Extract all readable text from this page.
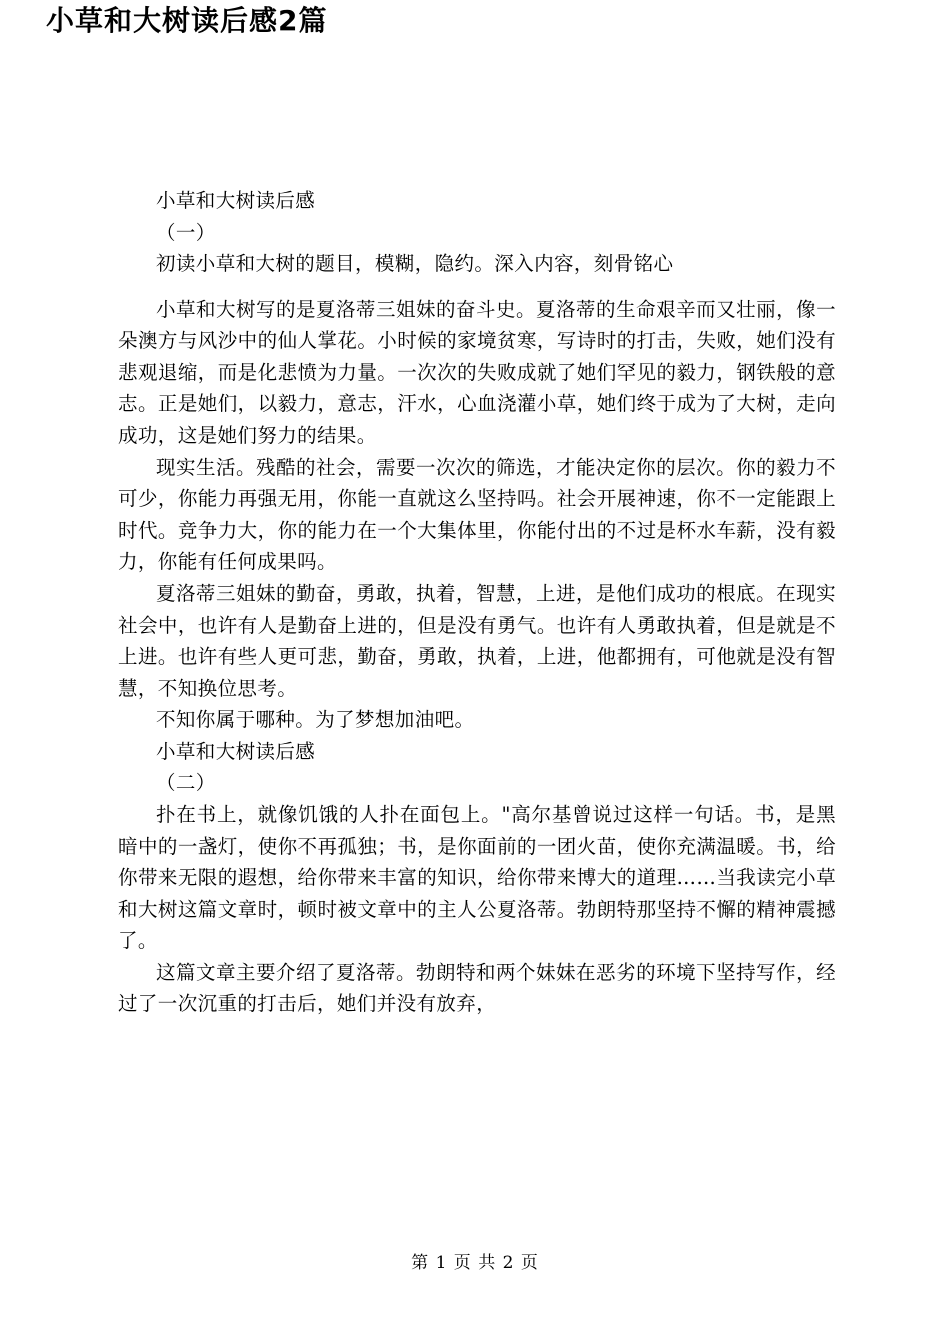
小草和大树读后感2篇

小草和大树读后感

（一）

初读小草和大树的题目，模糊，隐约。深入内容，刻骨铭心

小草和大树写的是夏洛蒂三姐妹的奋斗史。夏洛蒂的生命艰辛而又壮丽，像一朵澳方与风沙中的仙人掌花。小时候的家境贫寒，写诗时的打击，失败，她们没有悲观退缩，而是化悲愤为力量。一次次的失败成就了她们罕见的毅力，钢铁般的意志。正是她们，以毅力，意志，汗水，心血浇灌小草，她们终于成为了大树，走向成功，这是她们努力的结果。

现实生活。残酷的社会，需要一次次的筛选，才能决定你的层次。你的毅力不可少，你能力再强无用，你能一直就这么坚持吗。社会开展神速，你不一定能跟上时代。竞争力大，你的能力在一个大集体里，你能付出的不过是杯水车薪，没有毅力，你能有任何成果吗。

夏洛蒂三姐妹的勤奋，勇敢，执着，智慧，上进，是他们成功的根底。在现实社会中，也许有人是勤奋上进的，但是没有勇气。也许有人勇敢执着，但是就是不上进。也许有些人更可悲，勤奋，勇敢，执着，上进，他都拥有，可他就是没有智慧，不知换位思考。

不知你属于哪种。为了梦想加油吧。

小草和大树读后感

（二）

扑在书上，就像饥饿的人扑在面包上。"高尔基曾说过这样一句话。书，是黑暗中的一盏灯，使你不再孤独；书，是你面前的一团火苗，使你充满温暖。书，给你带来无限的遐想，给你带来丰富的知识，给你带来博大的道理……当我读完小草和大树这篇文章时，顿时被文章中的主人公夏洛蒂。勃朗特那坚持不懈的精神震撼了。

这篇文章主要介绍了夏洛蒂。勃朗特和两个妹妹在恶劣的环境下坚持写作，经过了一次沉重的打击后，她们并没有放弃，

第 1 页 共 2 页
